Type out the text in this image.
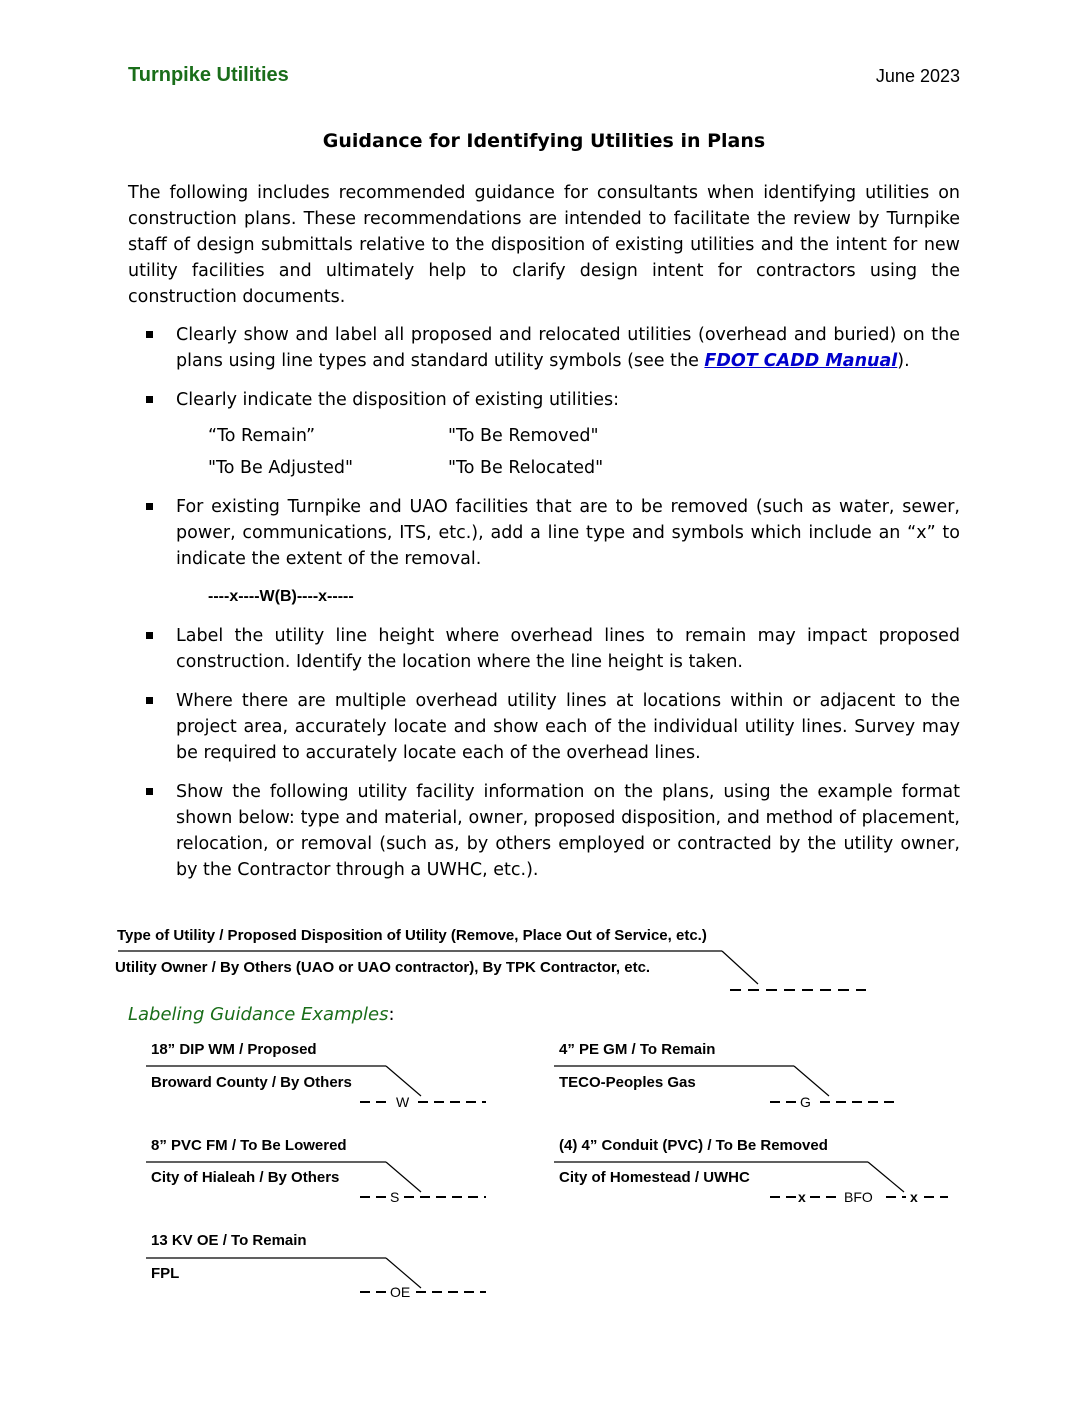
Turnpike Utilities	June 2023
Guidance for Identifying Utilities in Plans

The following includes recommended guidance for consultants when identifying utilities on construction plans. These recommendations are intended to facilitate the review by Turnpike staff of design submittals relative to the disposition of existing utilities and the intent for new utility facilities and ultimately help to clarify design intent for contractors using the construction documents.

Clearly show and label all proposed and relocated utilities (overhead and buried) on the plans using line types and standard utility symbols (see the FDOT CADD Manual).
Clearly indicate the disposition of existing utilities:
“To Remain”	"To Be Removed"
"To Be Adjusted"	"To Be Relocated"
For existing Turnpike and UAO facilities that are to be removed (such as water, sewer, power, communications, ITS, etc.), add a line type and symbols which include an “x” to indicate the extent of the removal.
----x----W(B)----x-----
Label the utility line height where overhead lines to remain may impact proposed construction. Identify the location where the line height is taken.
Where there are multiple overhead utility lines at locations within or adjacent to the project area, accurately locate and show each of the individual utility lines. Survey may be required to accurately locate each of the overhead lines.
Show the following utility facility information on the plans, using the example format shown below: type and material, owner, proposed disposition, and method of placement, relocation, or removal (such as, by others employed or contracted by the utility owner, by the Contractor through a UWHC, etc.).
Type of Utility / Proposed Disposition of Utility (Remove, Place Out of Service, etc.)
Utility Owner / By Others (UAO or UAO contractor), By TPK Contractor, etc.
Labeling Guidance Examples:
18” DIP WM / Proposed
Broward County / By Others
W
4” PE GM / To Remain
TECO-Peoples Gas
G
8” PVC FM / To Be Lowered
City of Hialeah / By Others
S
(4) 4” Conduit (PVC) / To Be Removed
City of Homestead / UWHC
x	BFO	x
13 KV OE / To Remain
FPL
OE
